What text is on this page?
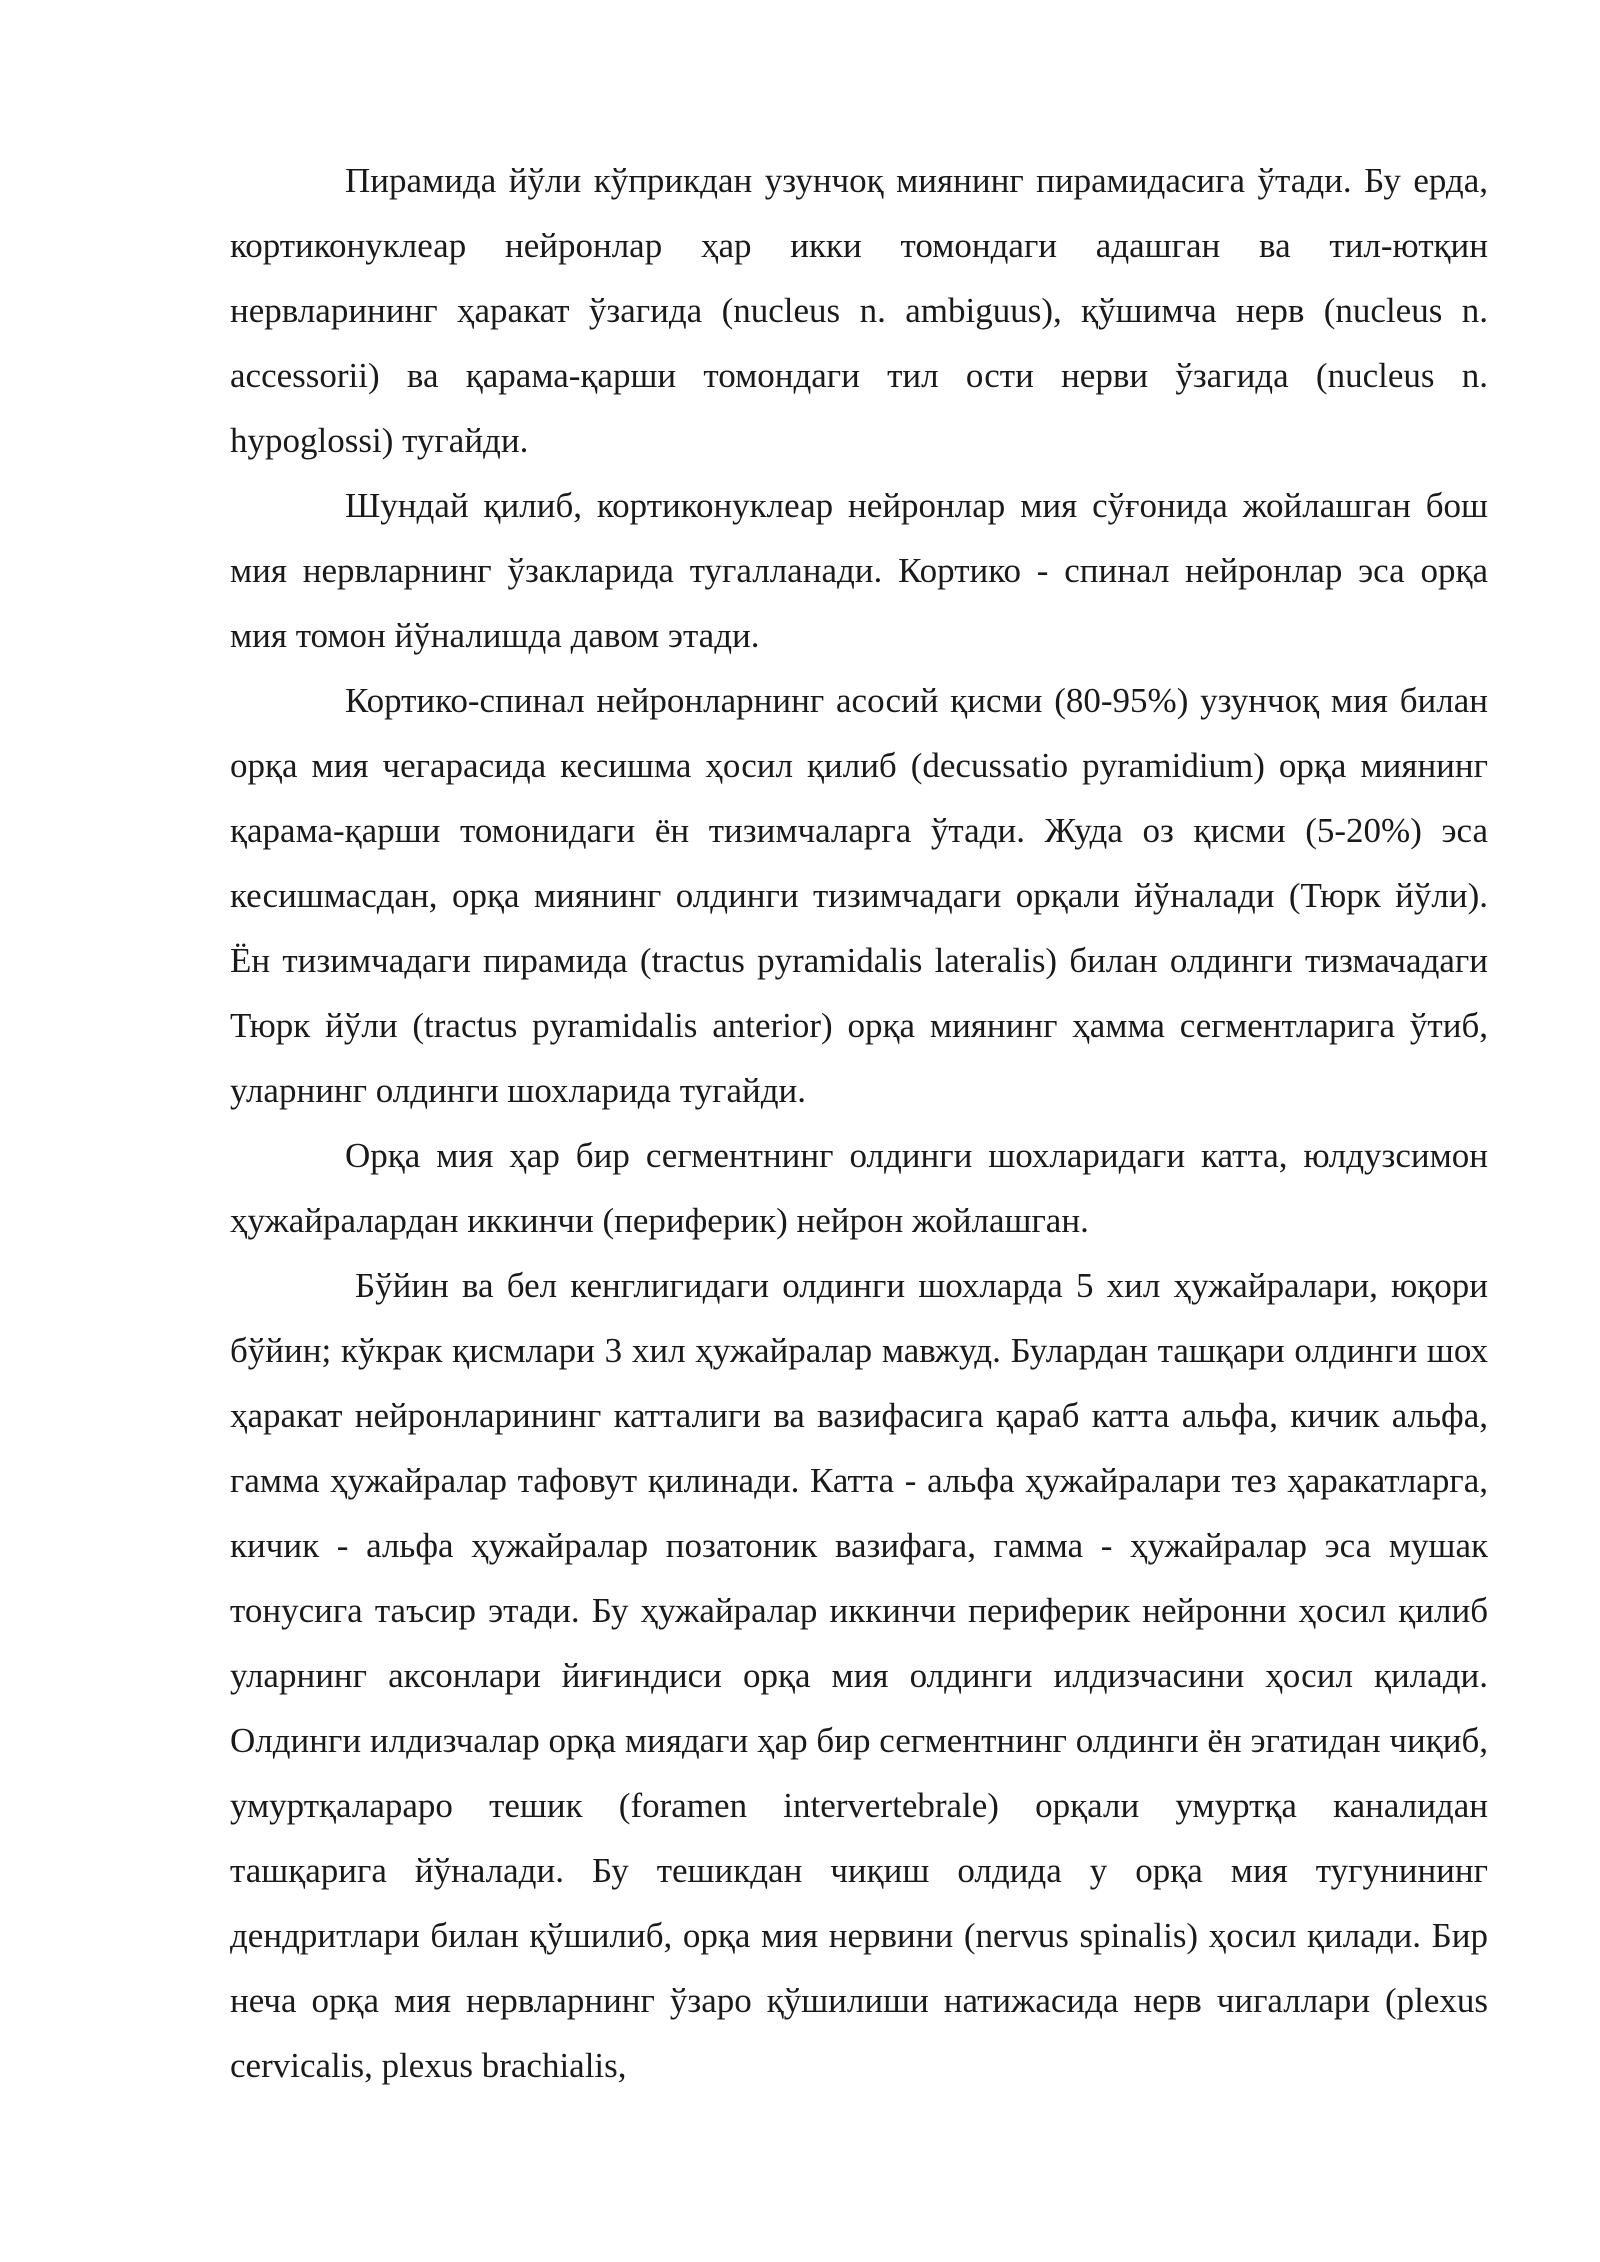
Пирамида йўли кўприкдан узунчоқ миянинг пирамидасига ўтади. Бу ерда, кортиконуклеар нейронлар ҳар икки томондаги адашган ва тил-ютқин нервларининг ҳаракат ўзагида (nucleus n. ambiguus), қўшимча нерв (nucleus n. accessorii) ва қарама-қарши томондаги тил ости нерви ўзагида (nucleus n. hypoglossi) тугайди.

Шундай қилиб, кортиконуклеар нейронлар мия сўғонида жойлашган бош мия нервларнинг ўзакларида тугалланади. Кортико - спинал нейронлар эса орқа мия томон йўналишда давом этади.

Кортико-спинал нейронларнинг асосий қисми (80-95%) узунчоқ мия билан орқа мия чегарасида кесишма ҳосил қилиб (decussatio pyramidium) орқа миянинг қарама-қарши томонидаги ён тизимчаларга ўтади. Жуда оз қисми (5-20%) эса кесишмасдан, орқа миянинг олдинги тизимчадаги орқали йўналади (Тюрк йўли). Ён тизимчадаги пирамида (tractus pyramidalis lateralis) билан олдинги тизмачадаги Тюрк йўли (tractus pyramidalis anterior) орқа миянинг ҳамма сегментларига ўтиб, уларнинг олдинги шохларида тугайди.

Орқа мия ҳар бир сегментнинг олдинги шохларидаги катта, юлдузсимон ҳужайралардан иккинчи (периферик) нейрон жойлашган.

Бўйин ва бел кенглигидаги олдинги шохларда 5 хил ҳужайралари, юқори бўйин; кўкрак қисмлари 3 хил ҳужайралар мавжуд. Булардан ташқари олдинги шох ҳаракат нейронларининг катталиги ва вазифасига қараб катта альфа, кичик альфа, гамма ҳужайралар тафовут қилинади. Катта - альфа ҳужайралари тез ҳаракатларга, кичик - альфа ҳужайралар позатоник вазифага, гамма - ҳужайралар эса мушак тонусига таъсир этади. Бу ҳужайралар иккинчи периферик нейронни ҳосил қилиб уларнинг аксонлари йиғиндиси орқа мия олдинги илдизчасини ҳосил қилади. Олдинги илдизчалар орқа миядаги ҳар бир сегментнинг олдинги ён эгатидан чиқиб, умуртқалараро тешик (foramen intervertebrale) орқали умуртқа каналидан ташқарига йўналади. Бу тешикдан чиқиш олдида у орқа мия тугунининг дендритлари билан қўшилиб, орқа мия нервини (nervus spinalis) ҳосил қилади. Бир неча орқа мия нервларнинг ўзаро қўшилиши натижасида нерв чигаллари (plexus cervicalis, plexus brachialis,
